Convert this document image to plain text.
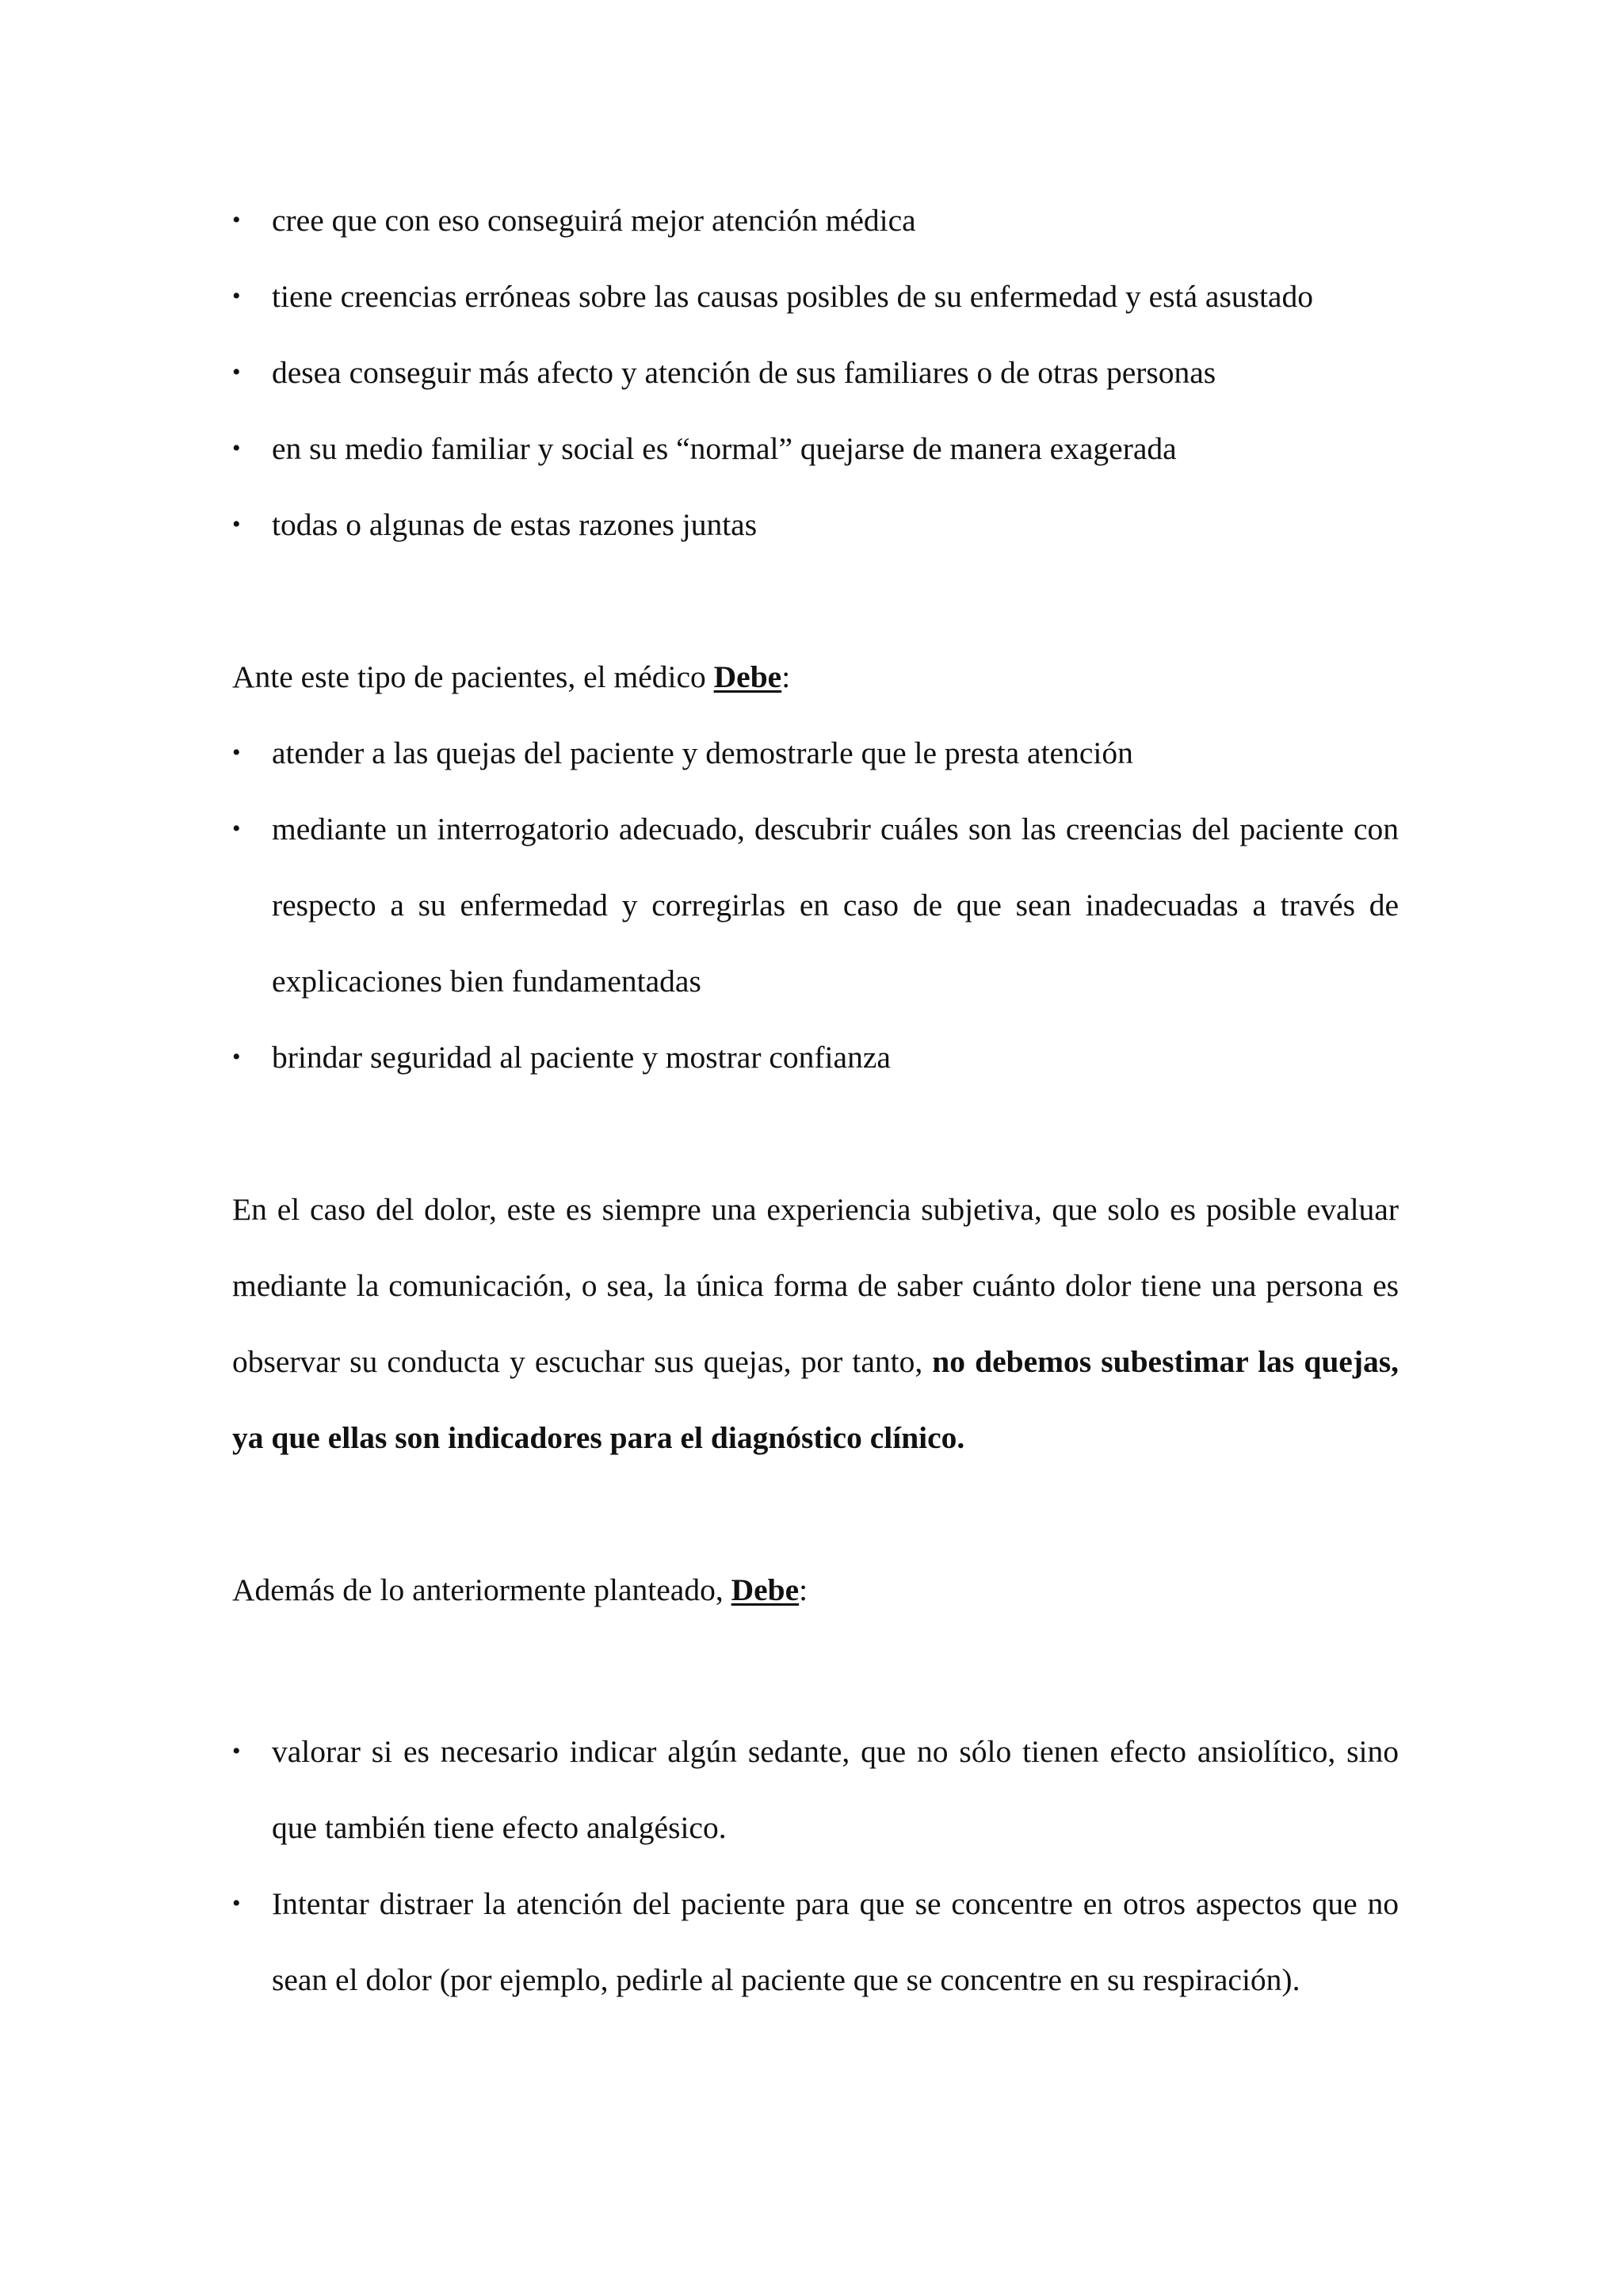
• cree que con eso conseguirá mejor atención médica
• tiene creencias erróneas sobre las causas posibles de su enfermedad y está asustado
• desea conseguir más afecto y atención de sus familiares o de otras personas
• en su medio familiar y social es “normal” quejarse de manera exagerada
• todas o algunas de estas razones juntas

Ante este tipo de pacientes, el médico Debe:

• atender a las quejas del paciente y demostrarle que le presta atención
• mediante un interrogatorio adecuado, descubrir cuáles son las creencias del paciente con respecto a su enfermedad y corregirlas en caso de que sean inadecuadas a través de explicaciones bien fundamentadas
• brindar seguridad al paciente y mostrar confianza

En el caso del dolor, este es siempre una experiencia subjetiva, que solo es posible evaluar mediante la comunicación, o sea, la única forma de saber cuánto dolor tiene una persona es observar su conducta y escuchar sus quejas, por tanto, no debemos subestimar las quejas, ya que ellas son indicadores para el diagnóstico clínico.

Además de lo anteriormente planteado, Debe:

• valorar si es necesario indicar algún sedante, que no sólo tienen efecto ansiolítico, sino que también tiene efecto analgésico.
• Intentar distraer la atención del paciente para que se concentre en otros aspectos que no sean el dolor (por ejemplo, pedirle al paciente que se concentre en su respiración).
